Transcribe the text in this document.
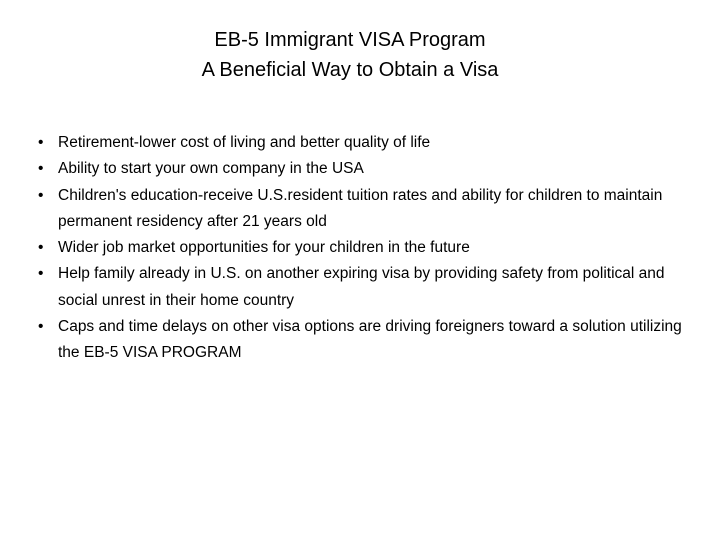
EB-5 Immigrant VISA Program
A Beneficial Way to Obtain a Visa
• Retirement-lower cost of living and better quality of life
• Ability to start your own company in the USA
• Children's education-receive U.S.resident tuition rates and ability for children to maintain permanent residency after 21 years old
• Wider job market opportunities for your children in the future
• Help family already in U.S. on another expiring visa by providing safety from political and social unrest in their home country
• Caps and time delays on other visa options are driving foreigners toward a solution utilizing the EB-5 VISA PROGRAM
